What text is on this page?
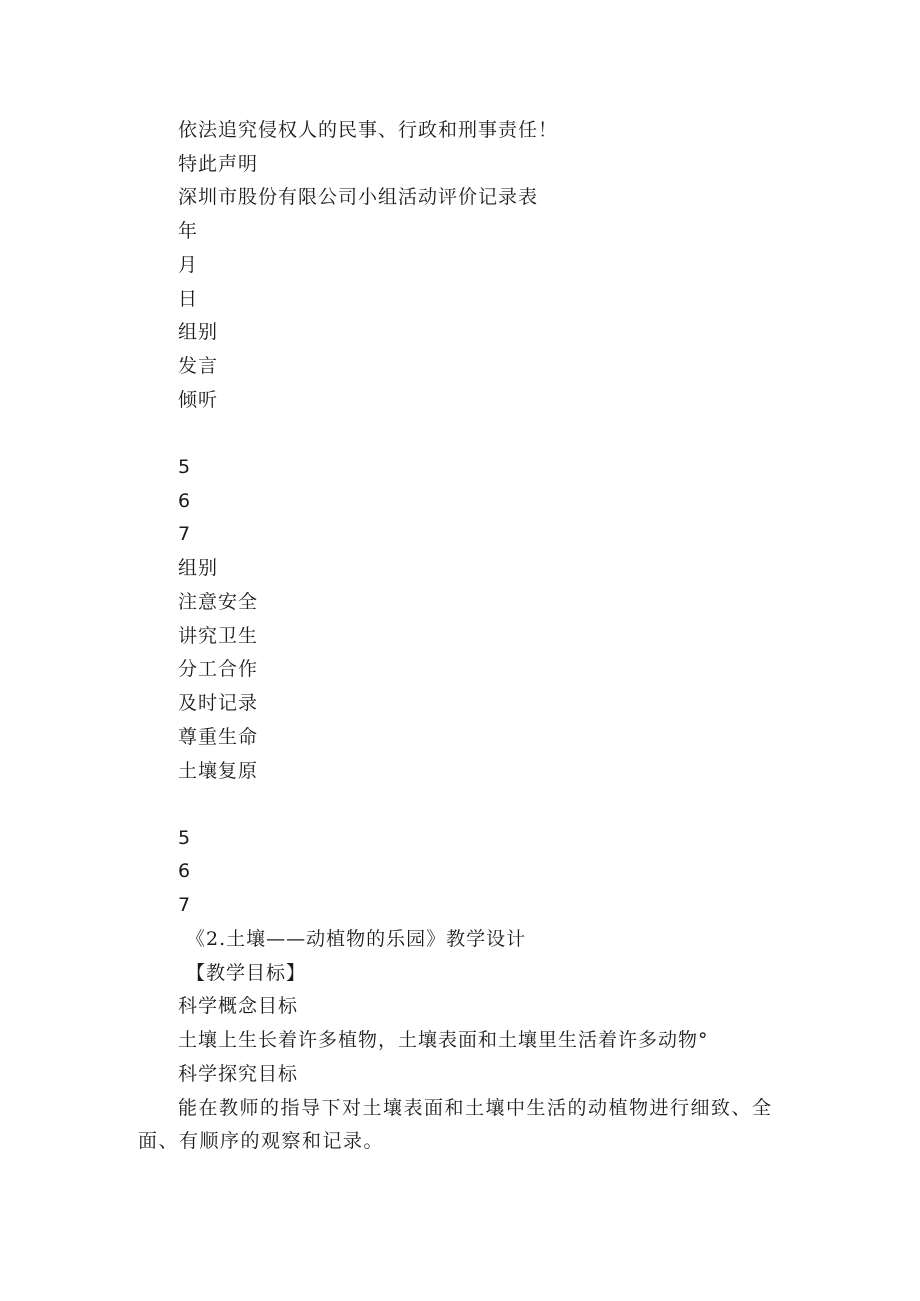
依法追究侵权人的民事、行政和刑事责任！
特此声明
深圳市股份有限公司小组活动评价记录表
年
月
日
组别
发言
倾听
5
6
7
组别
注意安全
讲究卫生
分工合作
及时记录
尊重生命
土壤复原
5
6
7
《2.土壤——动植物的乐园》教学设计
【教学目标】
科学概念目标
土壤上生长着许多植物，土壤表面和土壤里生活着许多动物°
科学探究目标
能在教师的指导下对土壤表面和土壤中生活的动植物进行细致、全面、有顺序的观察和记录。
